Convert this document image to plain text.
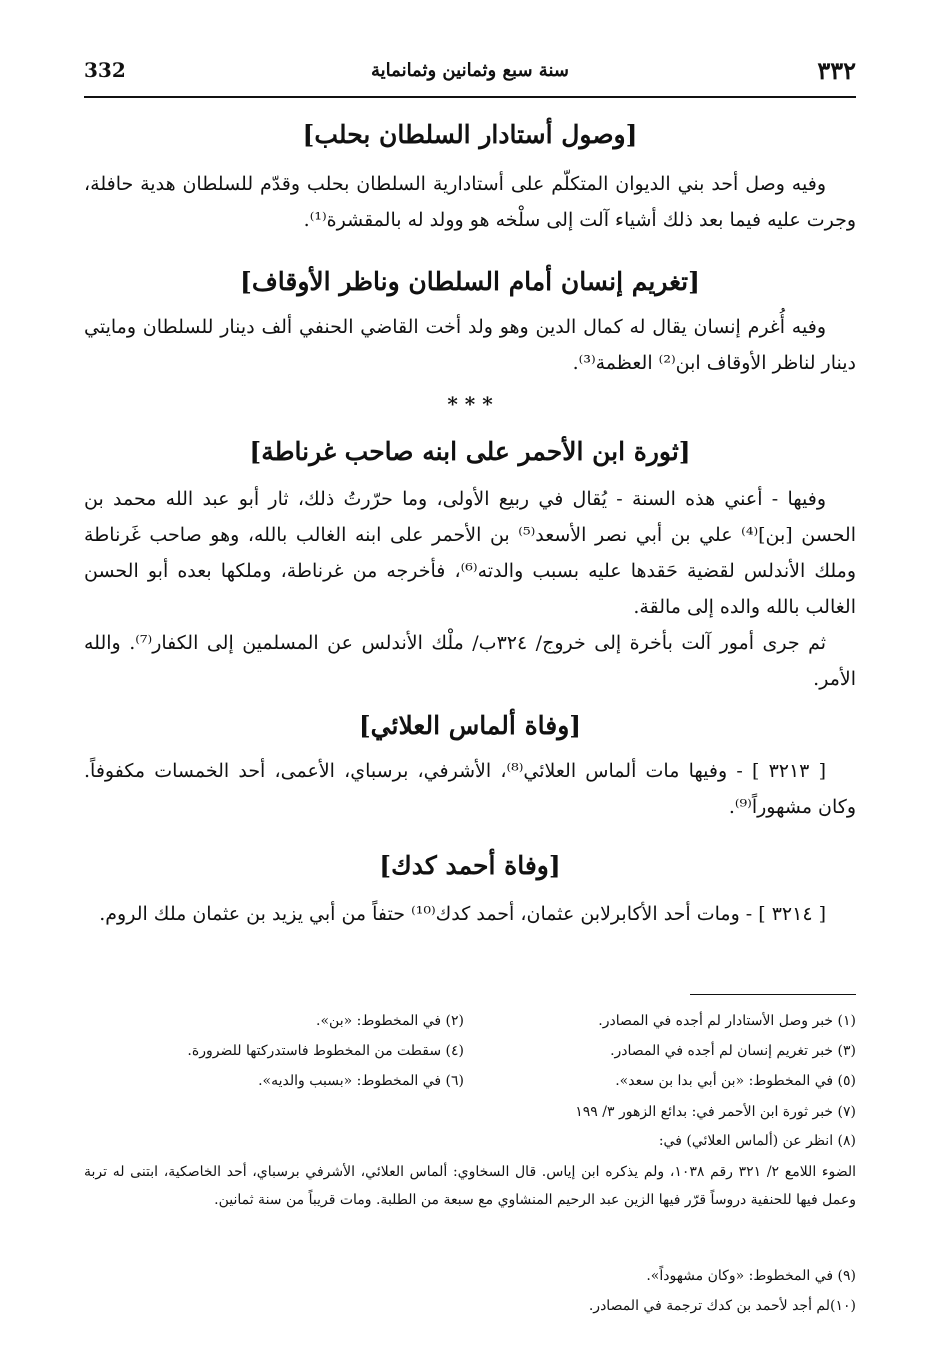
332	سنة سبع وثمانين وثمانماية	٣٣٢
[وصول أستادار السلطان بحلب]

وفيه وصل أحد بني الديوان المتكلّم على أستادارية السلطان بحلب وقدّم للسلطان هدية حافلة، وجرت عليه فيما بعد ذلك أشياء آلت إلى سلْخه هو وولد له بالمقشرة⁽¹⁾.

[تغريم إنسان أمام السلطان وناظر الأوقاف]

وفيه أُغرم إنسان يقال له كمال الدين وهو ولد أخت القاضي الحنفي ألف دينار للسلطان ومايتي دينار لناظر الأوقاف ابن⁽²⁾ العظمة⁽³⁾.

* * *
[ثورة ابن الأحمر على ابنه صاحب غرناطة]

وفيها - أعني هذه السنة - يُقال في ربيع الأولى، وما حرّرتُ ذلك، ثار أبو عبد الله محمد بن الحسن [بن]⁽⁴⁾ علي بن أبي نصر الأسعد⁽⁵⁾ بن الأحمر على ابنه الغالب بالله، وهو صاحب غَرناطة وملك الأندلس لقضية حَقدها عليه بسبب والدته⁽⁶⁾، فأخرجه من غرناطة، وملكها بعده أبو الحسن الغالب بالله والده إلى مالقة.

ثم جرى أمور آلت بأخرة إلى خروج/ ٣٢٤ب/ ملْك الأندلس عن المسلمين إلى الكفار⁽⁷⁾. والله الأمر.

[وفاة ألماس العلائي]

[ ٣٢١٣ ] - وفيها مات ألماس العلائي⁽⁸⁾، الأشرفي، برسباي، الأعمى، أحد الخمسات مكفوفاً. وكان مشهوراً⁽⁹⁾.

[وفاة أحمد كدك]

[ ٣٢١٤ ] - ومات أحد الأكابرلابن عثمان، أحمد كدك⁽¹⁰⁾ حتفاً من أبي يزيد بن عثمان ملك الروم.

(١) خبر وصل الأستادار لم أجده في المصادر.
(٢) في المخطوط: «بن».
(٣) خبر تغريم إنسان لم أجده في المصادر.
(٤) سقطت من المخطوط فاستدركتها للضرورة.
(٥) في المخطوط: «بن أبي بدا بن سعد».
(٦) في المخطوط: «بسبب والديه».
(٧) خبر ثورة ابن الأحمر في: بدائع الزهور ٣/ ١٩٩
(٨) انظر عن (ألماس العلائي) في:
الضوء اللامع ٢/ ٣٢١ رقم ١٠٣٨، ولم يذكره ابن إياس. قال السخاوي: ألماس العلائي، الأشرفي برسباي، أحد الخاصكية، ابتنى له تربة وعمل فيها للحنفية دروساً قرّر فيها الزين عبد الرحيم المنشاوي مع سبعة من الطلبة. ومات قريباً من سنة ثمانين.
(٩) في المخطوط: «وكان مشهوداً».
(١٠)لم أجد لأحمد بن كدك ترجمة في المصادر.
